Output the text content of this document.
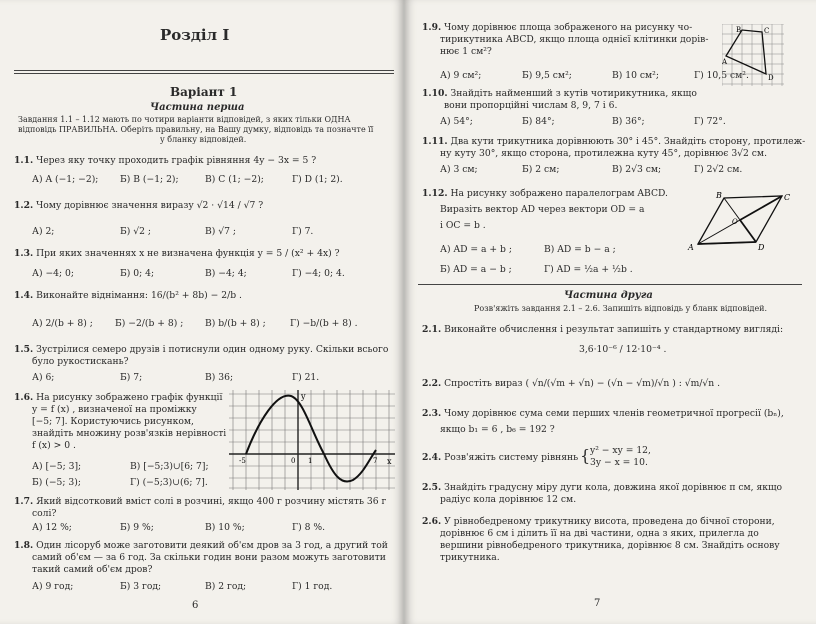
Розділ І
Варіант 1
Частина перша
Завдання 1.1 – 1.12 мають по чотири варіанти відповідей, з яких тільки ОДНА
відповідь ПРАВИЛЬНА. Оберіть правильну, на Вашу думку, відповідь та позначте її
у бланку відповідей.
1.1. Через яку точку проходить графік рівняння 4y − 3x = 5 ?
А) A (−1; −2); Б) B (−1; 2);	В) C (1; −2);	Г) D (1; 2).
1.2. Чому дорівнює значення виразу √2 · √14 / √7 ?
А) 2;	Б) √2 ;	В) √7 ;	Г) 7.
1.3. При яких значеннях x не визначена функція y = 5 / (x² + 4x) ?
А) −4; 0;	Б) 0; 4;	В) −4; 4;	Г) −4; 0; 4.
1.4. Виконайте віднімання: 16/(b² + 8b) − 2/b .
А) 2/(b + 8) ; Б) −2/(b + 8) ; В) b/(b + 8) ;	Г) −b/(b + 8) .
1.5. Зустрілися семеро друзів і потиснули один одному руку. Скільки всього
було рукостискань?
А) 6;	Б) 7;	В) 36;	Г) 21.
1.6. На рисунку зображено графік функції
y = f (x) , визначеної на проміжку
[−5; 7]. Користуючись рисунком,
знайдіть множину розв'язків нерівності
f (x) > 0 .
А) [−5; 3];	В) [−5;3)∪[6; 7];
Б) (−5; 3);	Г) (−5;3)∪(6; 7].
y
x
0 1
-5	7
1.7. Який відсотковий вміст солі в розчині, якщо 400 г розчину містять 36 г
солі?
А) 12 %;	Б) 9 %;	В) 10 %;	Г) 8 %.
1.8. Один лісоруб може заготовити деякий об'єм дров за 3 год, а другий той
самий об'єм — за 6 год. За скільки годин вони разом можуть заготовити
такий самий об'єм дров?
А) 9 год;	Б) 3 год;	В) 2 год;	Г) 1 год.
6
1.9. Чому дорівнює площа зображеного на рисунку чо-
тирикутника ABCD, якщо площа однієї клітинки дорів-
нює 1 см²?
А) 9 см²;	Б) 9,5 см²;	В) 10 см²;	Г) 10,5 см².
A
B	C
D
1.10. Знайдіть найменший з кутів чотирикутника, якщо
вони пропорційні числам 8, 9, 7 і 6.
А) 54°;	Б) 84°;	В) 36°;	Г) 72°.
1.11. Два кути трикутника дорівнюють 30° і 45°. Знайдіть сторону, протилеж-
ну куту 30°, якщо сторона, протилежна куту 45°, дорівнює 3√2 см.
А) 3 см;	Б) 2 см;	В) 2√3 см;	Г) 2√2 см.
1.12. На рисунку зображено паралелограм ABCD.
Виразіть вектор AD через вектори OD = a
і OC = b .
А) AD = a + b ;	В) AD = b − a ;
Б) AD = a − b ;	Г) AD = ½a + ½b .
A
B	C
D
O
Частина друга
Розв'яжіть завдання 2.1 – 2.6. Запишіть відповідь у бланк відповідей.
2.1. Виконайте обчислення і результат запишіть у стандартному вигляді:
3,6·10⁻⁶ / 12·10⁻⁴ .
2.2. Спростіть вираз ( √n/(√m + √n) − (√n − √m)/√n ) : √m/√n .
2.3. Чому дорівнює сума семи перших членів геометричної прогресії (bₙ),
якщо b₁ = 6 , b₆ = 192 ?
2.4. Розв'яжіть систему рівнянь { y² − xy = 12,
3y − x = 10.
2.5. Знайдіть градусну міру дуги кола, довжина якої дорівнює π см, якщо
радіус кола дорівнює 12 см.
2.6. У рівнобедреному трикутнику висота, проведена до бічної сторони,
дорівнює 6 см і ділить її на дві частини, одна з яких, прилегла до
вершини рівнобедреного трикутника, дорівнює 8 см. Знайдіть основу
трикутника.
7
